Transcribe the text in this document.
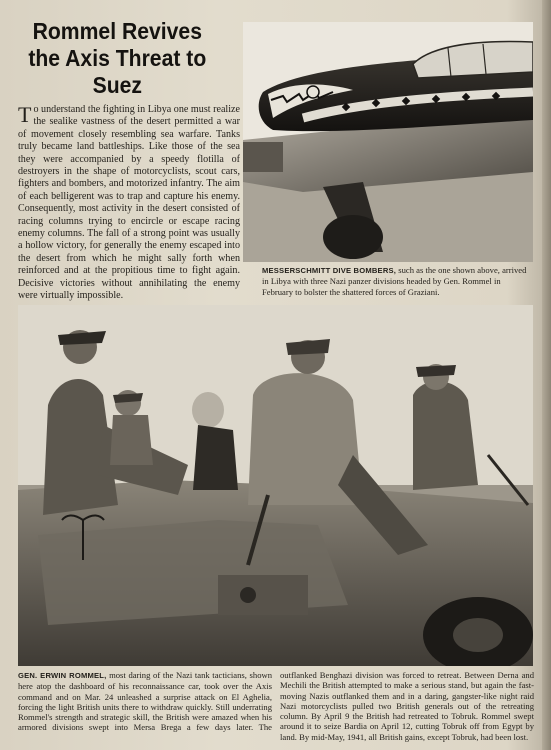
Rommel Revives the Axis Threat to Suez
To understand the fighting in Libya one must realize the sealike vastness of the desert permitted a war of movement closely resembling sea warfare. Tanks truly became land battleships. Like those of the sea they were accompanied by a speedy flotilla of destroyers in the shape of motorcyclists, scout cars, fighters and bombers, and motorized infantry. The aim of each belligerent was to trap and capture his enemy. Consequently, most activity in the desert consisted of racing columns trying to encircle or escape racing enemy columns. The fall of a strong point was usually a hollow victory, for generally the enemy escaped into the desert from which he might sally forth when reinforced and at the propitious time to fight again. Decisive victories without annihilating the enemy were virtually impossible.
MESSERSCHMITT DIVE BOMBERS, such as the one shown above, arrived in Libya with three Nazi panzer divisions headed by Gen. Rommel in February to bolster the shattered forces of Graziani.
GEN. ERWIN ROMMEL, most daring of the Nazi tank tacticians, shown here atop the dashboard of his reconnaissance car, took over the Axis command and on Mar. 24 unleashed a surprise attack on El Aghelia, forcing the light British units there to withdraw quickly. Still underrating Rommel's strength and strategic skill, the British were amazed when his armored divisions swept into Mersa Brega a few days later. The outflanked Benghazi division was forced to retreat. Between Derna and Mechili the British attempted to make a serious stand, but again the fast-moving Nazis outflanked them and in a daring, gangster-like night raid Nazi motorcyclists pulled two British generals out of the retreating column. By April 9 the British had retreated to Tobruk. Rommel swept around it to seize Bardia on April 12, cutting Tobruk off from Egypt by land. By mid-May, 1941, all British gains, except Tobruk, had been lost.
